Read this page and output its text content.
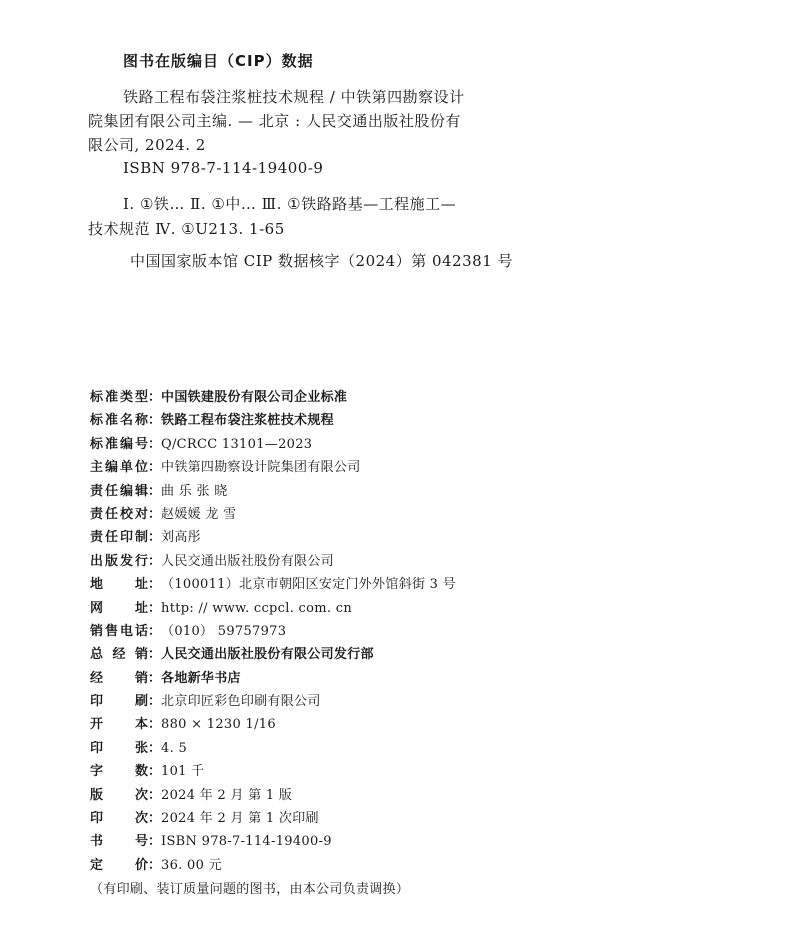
图书在版编目（CIP）数据
铁路工程布袋注浆桩技术规程 / 中铁第四勘察设计
院集团有限公司主编. — 北京 : 人民交通出版社股份有
限公司, 2024. 2
ISBN 978-7-114-19400-9
Ⅰ. ①铁… Ⅱ. ①中… Ⅲ. ①铁路路基—工程施工—
技术规范 Ⅳ. ①U213. 1-65
中国国家版本馆 CIP 数据核字（2024）第 042381 号
标 准 类 型 ： 中国铁建股份有限公司企业标准
标 准 名 称 ： 铁路工程布袋注浆桩技术规程
标 准 编 号 ： Q/CRCC 13101—2023
主 编 单 位 ： 中铁第四勘察设计院集团有限公司
责 任 编 辑 ： 曲 乐 张 晓
责 任 校 对 ： 赵媛媛 龙 雪
责 任 印 制 ： 刘高彤
出 版 发 行 ： 人民交通出版社股份有限公司
地 址 ： （100011）北京市朝阳区安定门外外馆斜街 3 号
网 址 ： http: // www. ccpcl. com. cn
销 售 电 话 ： （010） 59757973
总 经 销 ： 人民交通出版社股份有限公司发行部
经 销 ： 各地新华书店
印 刷 ： 北京印匠彩色印刷有限公司
开 本 ： 880 × 1230 1/16
印 张 ： 4. 5
字 数 ： 101 千
版 次 ： 2024 年 2 月 第 1 版
印 次 ： 2024 年 2 月 第 1 次印刷
书 号 ： ISBN 978-7-114-19400-9
定 价 ： 36. 00 元
（有印刷、装订质量问题的图书，由本公司负责调换）
